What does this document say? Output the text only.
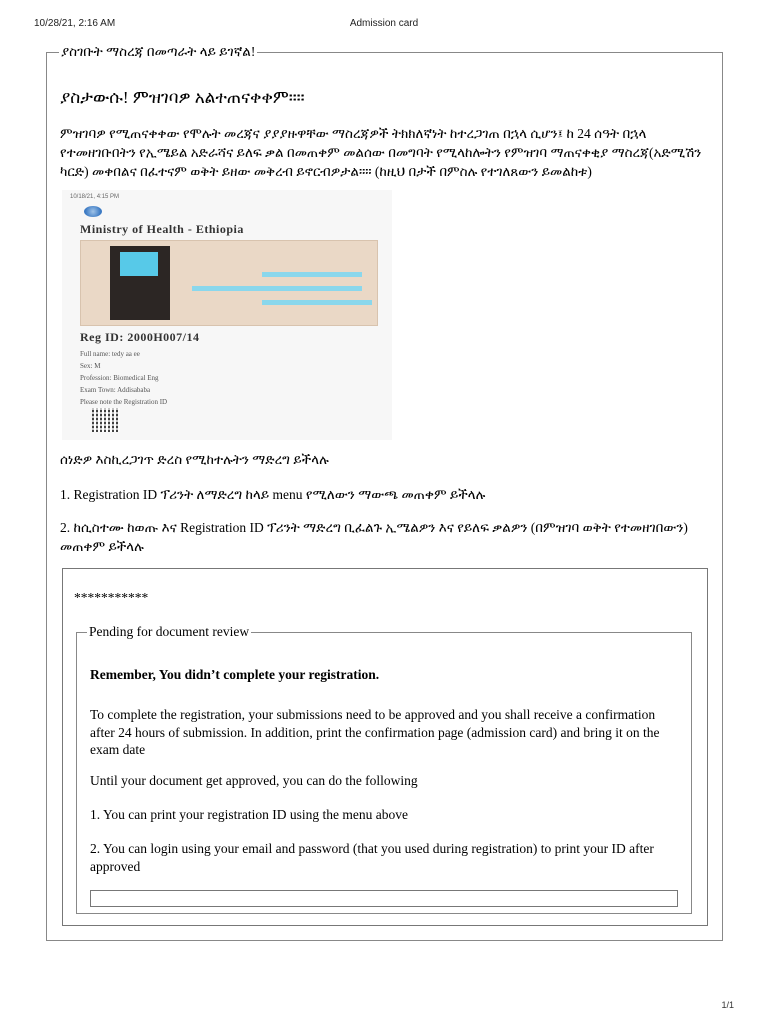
10/28/21, 2:16 AM	Admission card
ያስገቡት ማስረጃ በመጣራት ላይ ይገኛል!
ያስታውሱ! ምዝገባዎ አልተጠናቀቀም።።
ምዝገባዎ የሚጠናቀቀው የሞሉት መረጃና ያያያዙዋቸው ማስረጃዎች ትክክለኛነት ከተረጋገጠ በኋላ ሲሆን፤ ከ 24 ሰዓት በኋላ የተመዘገቡበትን የኢሜይል አድራሻና ይለፍ ቃል በመጠቀም መልሰው በመግባት የሚላከሎትን የምዝገባ ማጠናቀቂያ ማስረጃ(አድሚሽን ካርድ) መቀበልና በፈተናም ወቅት ይዘው መቅረብ ይኖርብዎታል።። (ከዚህ በታች በምስሉ የተገለጸውን ይመልከቱ)
10/18/21, 4:15 PM
Ministry of Health - Ethiopia
Reg ID: 2000H007/14
Full name: tedy aa ee
Sex: M
Profession: Biomedical Eng
Exam Town: Addisababa
Please note the Registration ID
ሰነድዎ እስኪረጋገጥ ድረስ የሚከተሉትን ማድረግ ይችላሉ
1. Registration ID ፕሪንት ለማድረግ ከላይ menu የሚለውን ማውጫ መጠቀም ይችላሉ
2. ከሲስተሙ ከወጡ እና Registration ID ፕሪንት ማድረግ ቢፈልጉ ኢሜልዎን እና የይለፍ ቃልዎን (በምዝገባ ወቅት የተመዘገበውን) መጠቀም ይችላሉ
***********
Pending for document review
Remember, You didn’t complete your registration.
To complete the registration, your submissions need to be approved and you shall receive a confirmation after 24 hours of submission. In addition, print the confirmation page (admission card) and bring it on the exam date
Until your document get approved, you can do the following
1. You can print your registration ID using the menu above
2. You can login using your email and password (that you used during registration) to print your ID after approved
1/1
